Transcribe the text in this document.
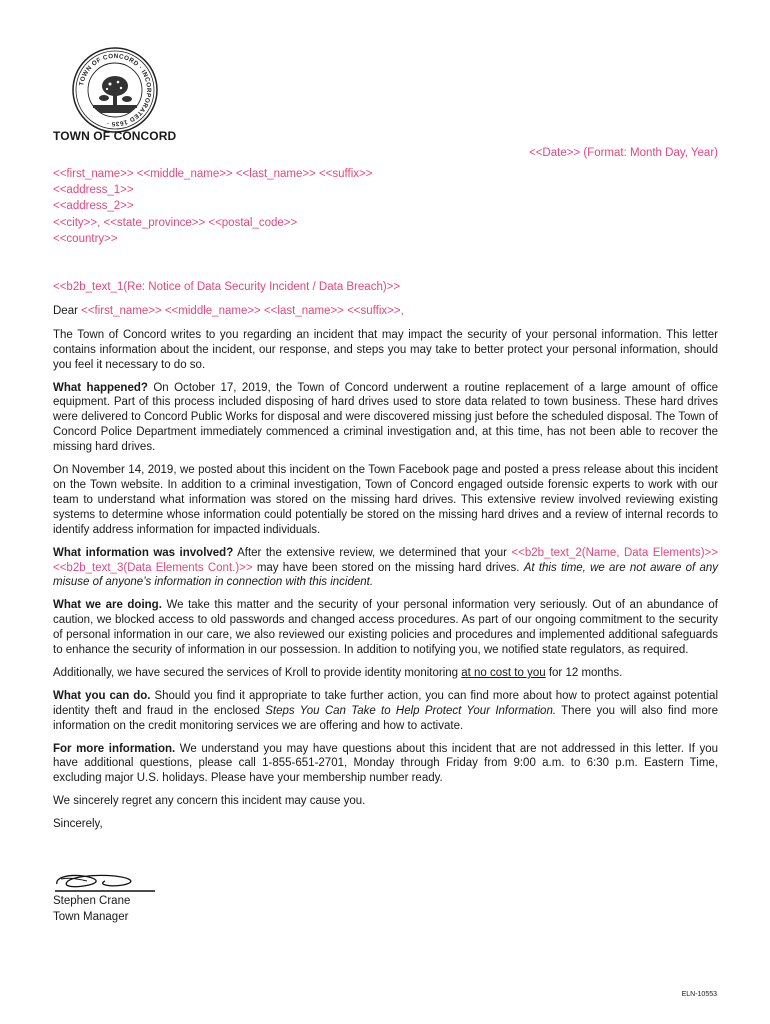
TOWN OF CONCORD · INCORPORATED 1635 ·
TOWN OF CONCORD
<<Date>> (Format: Month Day, Year)
<<first_name>> <<middle_name>> <<last_name>> <<suffix>>
<<address_1>>
<<address_2>>
<<city>>, <<state_province>> <<postal_code>>
<<country>>
<<b2b_text_1(Re: Notice of Data Security Incident / Data Breach)>>
Dear <<first_name>> <<middle_name>> <<last_name>> <<suffix>>,

The Town of Concord writes to you regarding an incident that may impact the security of your personal information. This letter contains information about the incident, our response, and steps you may take to better protect your personal information, should you feel it necessary to do so.

What happened? On October 17, 2019, the Town of Concord underwent a routine replacement of a large amount of office equipment. Part of this process included disposing of hard drives used to store data related to town business. These hard drives were delivered to Concord Public Works for disposal and were discovered missing just before the scheduled disposal. The Town of Concord Police Department immediately commenced a criminal investigation and, at this time, has not been able to recover the missing hard drives.

On November 14, 2019, we posted about this incident on the Town Facebook page and posted a press release about this incident on the Town website. In addition to a criminal investigation, Town of Concord engaged outside forensic experts to work with our team to understand what information was stored on the missing hard drives. This extensive review involved reviewing existing systems to determine whose information could potentially be stored on the missing hard drives and a review of internal records to identify address information for impacted individuals.

What information was involved? After the extensive review, we determined that your <<b2b_text_2(Name, Data Elements)>><<b2b_text_3(Data Elements Cont.)>> may have been stored on the missing hard drives. At this time, we are not aware of any misuse of anyone’s information in connection with this incident.

What we are doing. We take this matter and the security of your personal information very seriously. Out of an abundance of caution, we blocked access to old passwords and changed access procedures. As part of our ongoing commitment to the security of personal information in our care, we also reviewed our existing policies and procedures and implemented additional safeguards to enhance the security of information in our possession. In addition to notifying you, we notified state regulators, as required.

Additionally, we have secured the services of Kroll to provide identity monitoring at no cost to you for 12 months.

What you can do. Should you find it appropriate to take further action, you can find more about how to protect against potential identity theft and fraud in the enclosed Steps You Can Take to Help Protect Your Information. There you will also find more information on the credit monitoring services we are offering and how to activate.

For more information. We understand you may have questions about this incident that are not addressed in this letter. If you have additional questions, please call 1-855-651-2701, Monday through Friday from 9:00 a.m. to 6:30 p.m. Eastern Time, excluding major U.S. holidays. Please have your membership number ready.

We sincerely regret any concern this incident may cause you.

Sincerely,

Stephen Crane
Town Manager
ELN-10553
